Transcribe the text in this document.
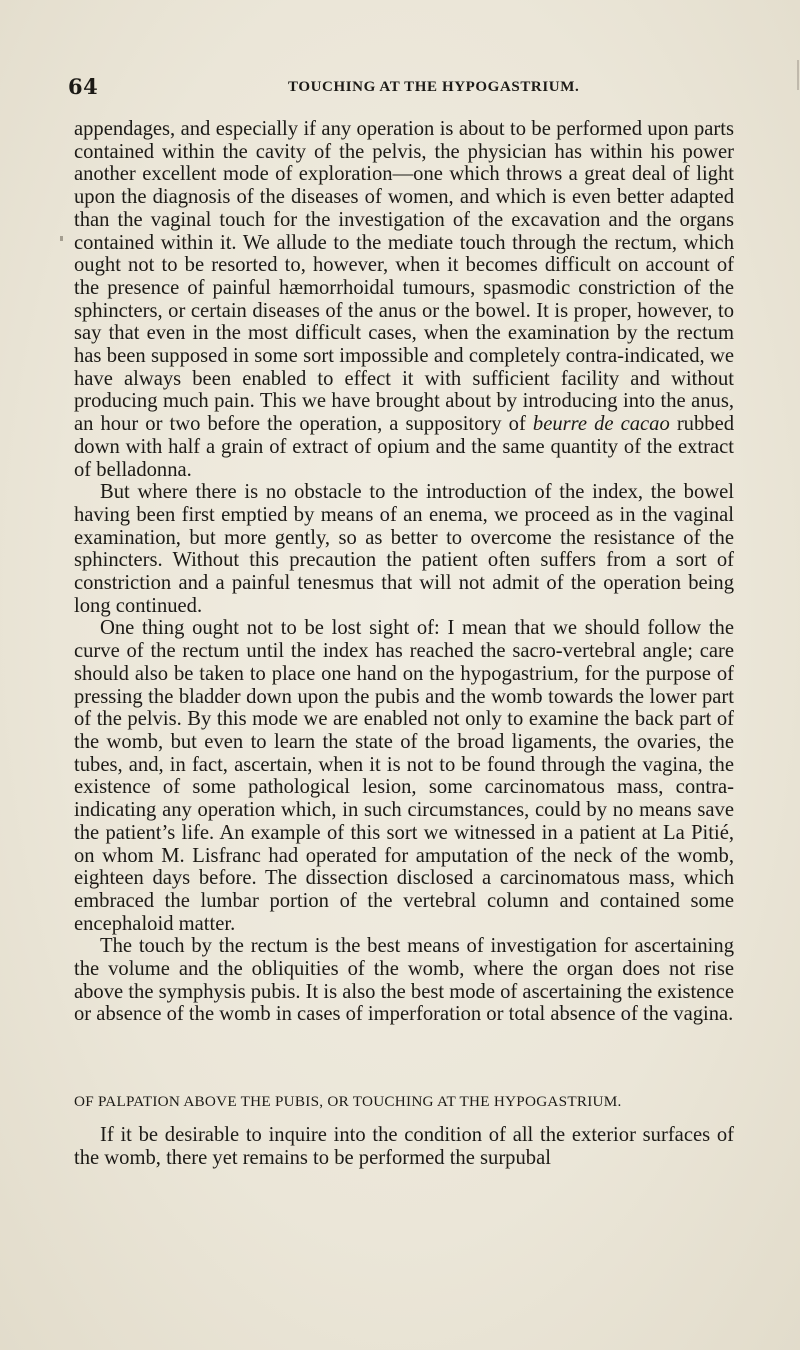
64	TOUCHING AT THE HYPOGASTRIUM.

appendages, and especially if any operation is about to be performed upon parts contained within the cavity of the pelvis, the physician has within his power another excellent mode of exploration—one which throws a great deal of light upon the diagnosis of the diseases of women, and which is even better adapted than the vaginal touch for the investigation of the excavation and the organs contained within it. We allude to the mediate touch through the rectum, which ought not to be resorted to, however, when it becomes difficult on account of the presence of painful hæmorrhoidal tumours, spasmodic constriction of the sphincters, or certain diseases of the anus or the bowel. It is proper, however, to say that even in the most difficult cases, when the examination by the rectum has been supposed in some sort impossible and completely contra-indicated, we have always been enabled to effect it with sufficient facility and without producing much pain. This we have brought about by introducing into the anus, an hour or two before the operation, a suppository of beurre de cacao rubbed down with half a grain of extract of opium and the same quantity of the extract of belladonna.

But where there is no obstacle to the introduction of the index, the bowel having been first emptied by means of an enema, we proceed as in the vaginal examination, but more gently, so as better to overcome the resistance of the sphincters. Without this precaution the patient often suffers from a sort of constriction and a painful tenesmus that will not admit of the operation being long continued.

One thing ought not to be lost sight of: I mean that we should follow the curve of the rectum until the index has reached the sacro-vertebral angle; care should also be taken to place one hand on the hypogastrium, for the purpose of pressing the bladder down upon the pubis and the womb towards the lower part of the pelvis. By this mode we are enabled not only to examine the back part of the womb, but even to learn the state of the broad ligaments, the ovaries, the tubes, and, in fact, ascertain, when it is not to be found through the vagina, the existence of some pathological lesion, some carcinomatous mass, contra-indicating any operation which, in such circumstances, could by no means save the patient’s life. An example of this sort we witnessed in a patient at La Pitié, on whom M. Lisfranc had operated for amputation of the neck of the womb, eighteen days before. The dissection disclosed a carcinomatous mass, which embraced the lumbar portion of the vertebral column and contained some encephaloid matter.

The touch by the rectum is the best means of investigation for ascertaining the volume and the obliquities of the womb, where the organ does not rise above the symphysis pubis. It is also the best mode of ascertaining the existence or absence of the womb in cases of imperforation or total absence of the vagina.

OF PALPATION ABOVE THE PUBIS, OR TOUCHING AT THE HYPOGASTRIUM.

If it be desirable to inquire into the condition of all the exterior surfaces of the womb, there yet remains to be performed the surpubal
